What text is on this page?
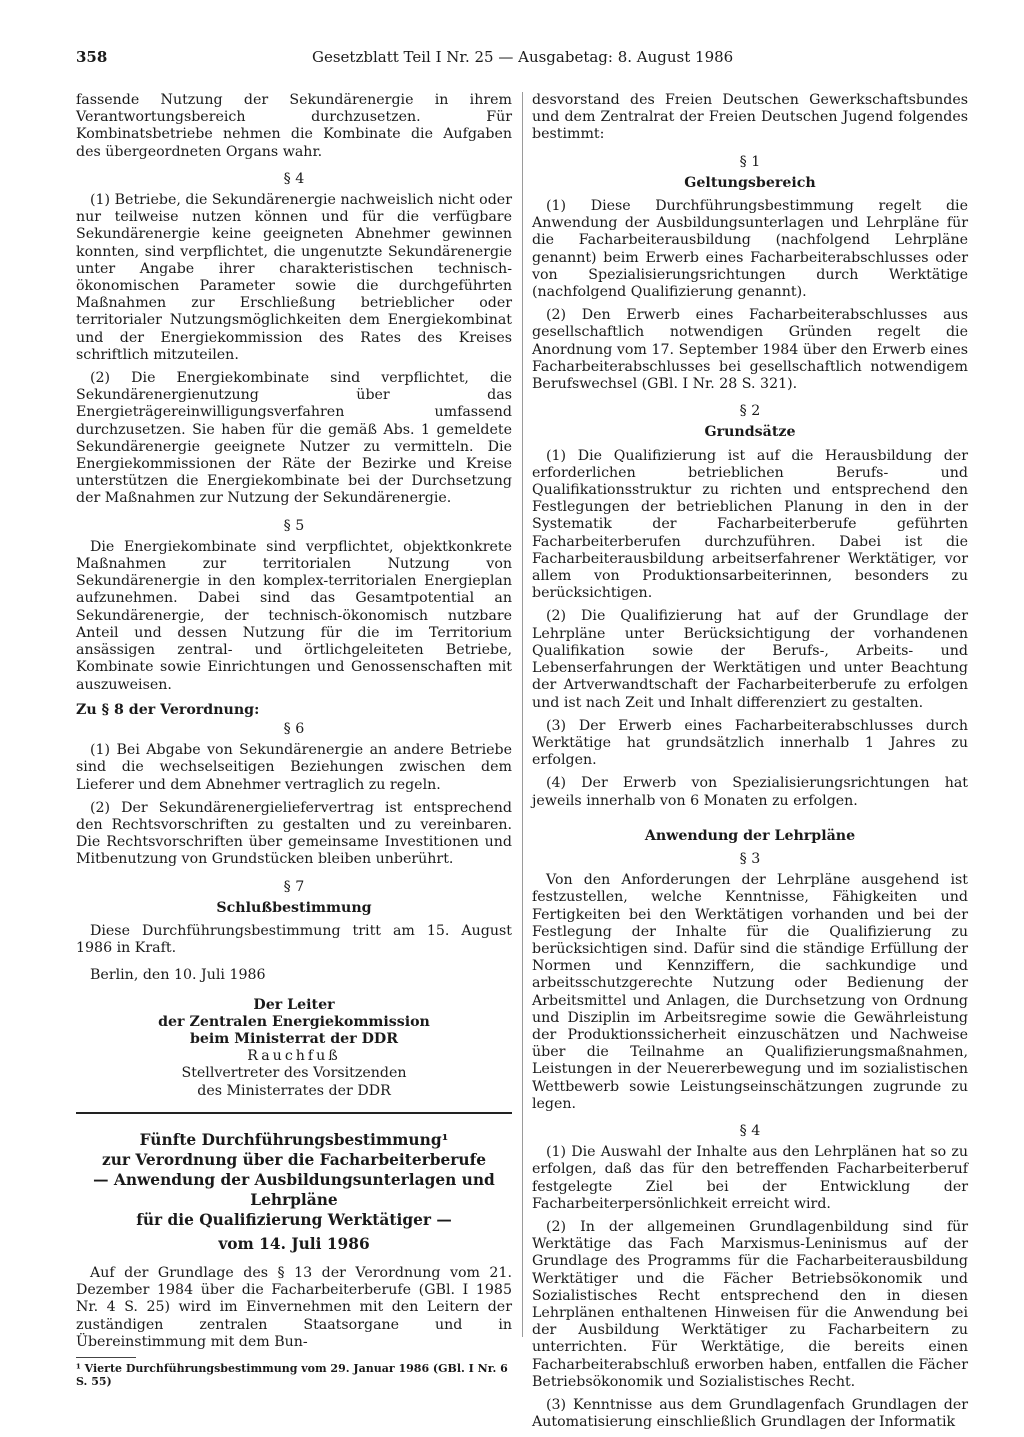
358	Gesetzblatt Teil I Nr. 25 — Ausgabetag: 8. August 1986

fassende Nutzung der Sekundärenergie in ihrem Verantwortungsbereich durchzusetzen. Für Kombinatsbetriebe nehmen die Kombinate die Aufgaben des übergeordneten Organs wahr.

§ 4

(1) Betriebe, die Sekundärenergie nachweislich nicht oder nur teilweise nutzen können und für die verfügbare Sekundärenergie keine geeigneten Abnehmer gewinnen konnten, sind verpflichtet, die ungenutzte Sekundärenergie unter Angabe ihrer charakteristischen technisch-ökonomischen Parameter sowie die durchgeführten Maßnahmen zur Erschließung betrieblicher oder territorialer Nutzungsmöglichkeiten dem Energiekombinat und der Energiekommission des Rates des Kreises schriftlich mitzuteilen.

(2) Die Energiekombinate sind verpflichtet, die Sekundärenergienutzung über das Energieträgereinwilligungsverfahren umfassend durchzusetzen. Sie haben für die gemäß Abs. 1 gemeldete Sekundärenergie geeignete Nutzer zu vermitteln. Die Energiekommissionen der Räte der Bezirke und Kreise unterstützen die Energiekombinate bei der Durchsetzung der Maßnahmen zur Nutzung der Sekundärenergie.

§ 5

Die Energiekombinate sind verpflichtet, objektkonkrete Maßnahmen zur territorialen Nutzung von Sekundärenergie in den komplex-territorialen Energieplan aufzunehmen. Dabei sind das Gesamtpotential an Sekundärenergie, der technisch-ökonomisch nutzbare Anteil und dessen Nutzung für die im Territorium ansässigen zentral- und örtlichgeleiteten Betriebe, Kombinate sowie Einrichtungen und Genossenschaften mit auszuweisen.

Zu § 8 der Verordnung:
§ 6

(1) Bei Abgabe von Sekundärenergie an andere Betriebe sind die wechselseitigen Beziehungen zwischen dem Lieferer und dem Abnehmer vertraglich zu regeln.

(2) Der Sekundärenergieliefervertrag ist entsprechend den Rechtsvorschriften zu gestalten und zu vereinbaren. Die Rechtsvorschriften über gemeinsame Investitionen und Mitbenutzung von Grundstücken bleiben unberührt.

§ 7
Schlußbestimmung

Diese Durchführungsbestimmung tritt am 15. August 1986 in Kraft.

Berlin, den 10. Juli 1986

Der Leiter

der Zentralen Energiekommission

beim Ministerrat der DDR

Rauchfuß

Stellvertreter des Vorsitzenden

des Ministerrates der DDR

Fünfte Durchführungsbestimmung¹

zur Verordnung über die Facharbeiterberufe

— Anwendung der Ausbildungsunterlagen und Lehrpläne

für die Qualifizierung Werktätiger —

vom 14. Juli 1986

Auf der Grundlage des § 13 der Verordnung vom 21. Dezember 1984 über die Facharbeiterberufe (GBl. I 1985 Nr. 4 S. 25) wird im Einvernehmen mit den Leitern der zuständigen zentralen Staatsorgane und in Übereinstimmung mit dem Bun-

¹ Vierte Durchführungsbestimmung vom 29. Januar 1986 (GBl. I Nr. 6 S. 55)

desvorstand des Freien Deutschen Gewerkschaftsbundes und dem Zentralrat der Freien Deutschen Jugend folgendes bestimmt:

§ 1
Geltungsbereich

(1) Diese Durchführungsbestimmung regelt die Anwendung der Ausbildungsunterlagen und Lehrpläne für die Facharbeiterausbildung (nachfolgend Lehrpläne genannt) beim Erwerb eines Facharbeiterabschlusses oder von Spezialisierungsrichtungen durch Werktätige (nachfolgend Qualifizierung genannt).

(2) Den Erwerb eines Facharbeiterabschlusses aus gesellschaftlich notwendigen Gründen regelt die Anordnung vom 17. September 1984 über den Erwerb eines Facharbeiterabschlusses bei gesellschaftlich notwendigem Berufswechsel (GBl. I Nr. 28 S. 321).

§ 2
Grundsätze

(1) Die Qualifizierung ist auf die Herausbildung der erforderlichen betrieblichen Berufs- und Qualifikationsstruktur zu richten und entsprechend den Festlegungen der betrieblichen Planung in den in der Systematik der Facharbeiterberufe geführten Facharbeiterberufen durchzuführen. Dabei ist die Facharbeiterausbildung arbeitserfahrener Werktätiger, vor allem von Produktionsarbeiterinnen, besonders zu berücksichtigen.

(2) Die Qualifizierung hat auf der Grundlage der Lehrpläne unter Berücksichtigung der vorhandenen Qualifikation sowie der Berufs-, Arbeits- und Lebenserfahrungen der Werktätigen und unter Beachtung der Artverwandtschaft der Facharbeiterberufe zu erfolgen und ist nach Zeit und Inhalt differenziert zu gestalten.

(3) Der Erwerb eines Facharbeiterabschlusses durch Werktätige hat grundsätzlich innerhalb 1 Jahres zu erfolgen.

(4) Der Erwerb von Spezialisierungsrichtungen hat jeweils innerhalb von 6 Monaten zu erfolgen.

Anwendung der Lehrpläne
§ 3

Von den Anforderungen der Lehrpläne ausgehend ist festzustellen, welche Kenntnisse, Fähigkeiten und Fertigkeiten bei den Werktätigen vorhanden und bei der Festlegung der Inhalte für die Qualifizierung zu berücksichtigen sind. Dafür sind die ständige Erfüllung der Normen und Kennziffern, die sachkundige und arbeitsschutzgerechte Nutzung oder Bedienung der Arbeitsmittel und Anlagen, die Durchsetzung von Ordnung und Disziplin im Arbeitsregime sowie die Gewährleistung der Produktionssicherheit einzuschätzen und Nachweise über die Teilnahme an Qualifizierungsmaßnahmen, Leistungen in der Neuererbewegung und im sozialistischen Wettbewerb sowie Leistungseinschätzungen zugrunde zu legen.

§ 4

(1) Die Auswahl der Inhalte aus den Lehrplänen hat so zu erfolgen, daß das für den betreffenden Facharbeiterberuf festgelegte Ziel bei der Entwicklung der Facharbeiterpersönlichkeit erreicht wird.

(2) In der allgemeinen Grundlagenbildung sind für Werktätige das Fach Marxismus-Leninismus auf der Grundlage des Programms für die Facharbeiterausbildung Werktätiger und die Fächer Betriebsökonomik und Sozialistisches Recht entsprechend den in diesen Lehrplänen enthaltenen Hinweisen für die Anwendung bei der Ausbildung Werktätiger zu Facharbeitern zu unterrichten. Für Werktätige, die bereits einen Facharbeiterabschluß erworben haben, entfallen die Fächer Betriebsökonomik und Sozialistisches Recht.

(3) Kenntnisse aus dem Grundlagenfach Grundlagen der Automatisierung einschließlich Grundlagen der Informatik
